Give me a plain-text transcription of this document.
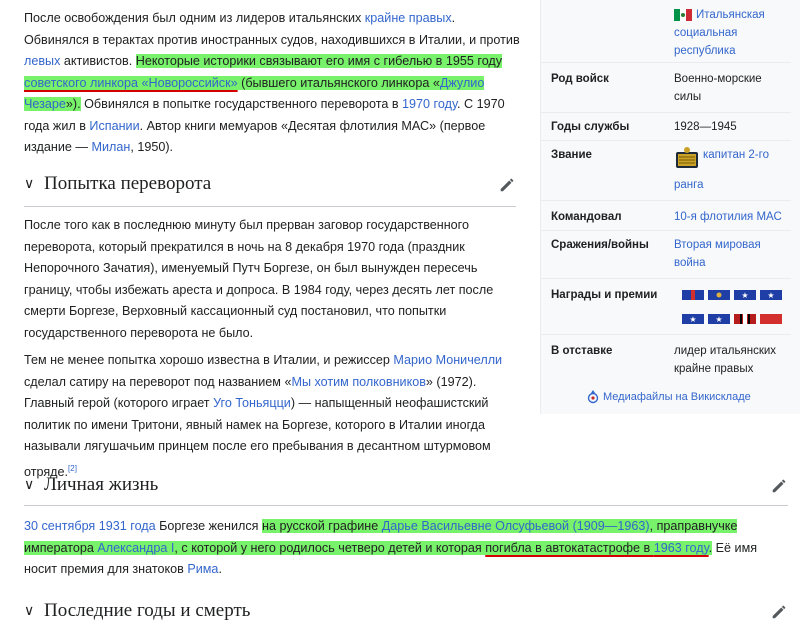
После освобождения был одним из лидеров итальянских крайне правых. Обвинялся в терактах против иностранных судов, находившихся в Италии, и против левых активистов. Некоторые историки связывают его имя с гибелью в 1955 году советского линкора «Новороссийск» (бывшего итальянского линкора «Джулио Чезаре»). Обвинялся в попытке государственного переворота в 1970 году. С 1970 года жил в Испании. Автор книги мемуаров «Десятая флотилия МАС» (первое издание — Милан, 1950).

∨ Попытка переворота

После того как в последнюю минуту был прерван заговор государственного переворота, который прекратился в ночь на 8 декабря 1970 года (праздник Непорочного Зачатия), именуемый Путч Боргезе, он был вынужден пересечь границу, чтобы избежать ареста и допроса. В 1984 году, через десять лет после смерти Боргезе, Верховный кассационный суд постановил, что попытки государственного переворота не было.

Тем не менее попытка хорошо известна в Италии, и режиссер Марио Моничелли сделал сатиру на переворот под названием «Мы хотим полковников» (1972). Главный герой (которого играет Уго Тоньяцци) — напыщенный неофашистский политик по имени Тритони, явный намек на Боргезе, которого в Италии иногда называли лягушачьим принцем после его пребывания в десантном штурмовом отряде.[2]

∨ Личная жизнь

30 сентября 1931 года Боргезе женился на русской графине Дарье Васильевне Олсуфьевой (1909—1963), праправнучке императора Александра I, с которой у него родилось четверо детей и которая погибла в автокатастрофе в 1963 году. Её имя носит премия для знатоков Рима.

∨ Последние годы и смерть
Итальянская социальная республика
Род войск	Военно-морские силы
Годы службы	1928—1945
Звание	капитан 2-го ранга
Командовал	10-я флотилия МАС
Сражения/войны	Вторая мировая война
Награды и премии	★ ★
★ ★
В отставке	лидер итальянских крайне правых
Медиафайлы на Викискладе
